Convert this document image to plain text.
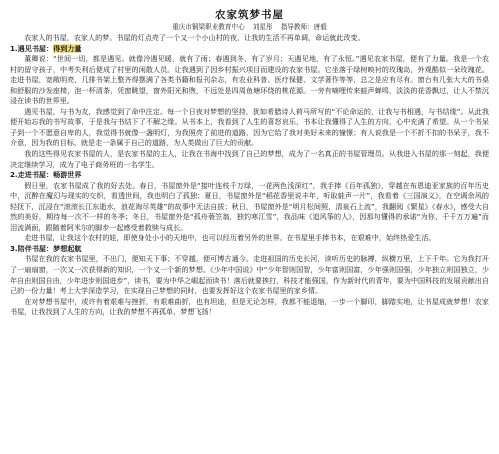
农家筑梦书屋
重庆市铜梁职业教育中心 刘星彤 指导教师：唐毅

农家人的书屋，农家人的梦。书屋的灯点亮了一个又一个小山村的夜，让我的生活不再单调，命运就此改变。

1.遇见书屋：得到力量

董卿说：“世间一切，都是遇见。就像冷遇见暖，就有了雨；春遇到冬，有了岁月；天遇见地，有了永恒。”遇见农家书屋，便有了力量。我是一个农村的留守孩子，中考失利后便成了村里的闲散人员。让我遇到了因乡村振兴项目而建设的农家书屋。它坐落于绿树映衬的玫瑰岛，外观酷似一朵玫瑰花。走进书屋，宽敞明亮，几排书架上整齐得摆满了各类书籍和报刊杂志，有农业科普、医疗保健、文学著作等等，总之是应有尽有。窗台有几张大大的书桌和舒服的沙发座椅，泡一杯清茶，凭窗眺望，窗外阳光和煦，不远处是四周鱼塘环绕的桃花源。一旁有嘀哩传来蛙声蝉鸣，淡淡的花香飘过，让人不禁沉浸在读书的世界里。

遇见书屋，与书为友，我感觉到了命中注定。每一个日夜对梦想的坚持，犹如希腊诗人荷马所写的“不论命运的，让我与书相遇，与书结缘”。从此我便开始忘我的书写故事，于是我与书结下了不解之缘。从书本上，我看到了人生的喜怒哀乐，书本让我懂得了人生的方向，心中充满了希望。从一个书呆子到一个不愿意自卑的人，我觉得书就像一盏明灯，为我照亮了前进的道路，因为它给了我对美好未来的憧憬；有人说我是一个不折不扣的书呆子，我不介意，因为我的目标，就是走一条属于自己的道路，为人类做出了巨大的贡献。

我的这些得见农家书屋的人，是农家书屋的主人，让我在书海中找到了自己的梦想，成为了一名真正的书屋管理员。从我进入书屋的那一刻起，我便决定继续学习，成为了电子商务班的一名学生。

2.走进书屋：畅游世界

假日里，农家书屋成了我的好去处。春日，书屋窗外是“接叶连枝千万绿，一花两色浅深红”，我手捧《百年孤独》，穿越在布恩迪亚家族的百年历史中，沉醉在魔幻与现实的交织，看透世间，我也明白了孤独；夏日，书屋窗外是“稻花香里说丰年，听取蛙声一片”，我看着《三国演义》，在空调余风的轻抚下，沉浸在“滚滚长江东逝水，浪花淘尽英雄”的故事中无法自拔；秋日，书屋窗外是“明月松间照，清泉石上流”，我翻阅《繁星》《春水》，感受大自然的美好，期待每一次不一样的冬季；冬日，书屋窗外是“孤舟蓑笠翁，独钓寒江雪”，我品味《追风筝的人》，因那句懂得的承诺“为你，千千万万遍”而泪流满面，跟随着阿米尔的脚步一起感受着救赎与成长。

走进书屋，让我这个农村的娃，即使身处小小的天地中，也可以经历着另外的世界。在书屋里手捧书本，在艰难中，始终热爱生活。

3.陪伴书屋：梦想起航

书屋在我的农家书屋里，不出门，便知天下事；不穿越，便可博古通今。走进祖国的历史长河，读听历史的脉搏，纵横万里，上下千年。它为我打开了一扇扇窗，一次又一次获得新的知识，一个又一个新的梦想。《少年中国说》中“少年智则国智，少年富则国富，少年强则国强，少年独立则国独立，少年自由则国自由，少年进步则国进步”，读书，要为中华之崛起而读书！落后就要挨打，科技才能强国，作为新时代的青年，要为中国科技的发展贡献出自己的一份力量！考上大学深造学习，在实现自己梦想的同时，也要发挥好这个农家书屋里的家乡情。

在对梦想书屋中，或许有着艰难与挫折，有艰难曲折，也有坦途，但是无论怎样，我都不能退缩，一步一个脚印，脚踏实地，让书屋成就梦想！农家书屋，让我找到了人生的方向，让我的梦想不再孤单，梦想飞扬！
